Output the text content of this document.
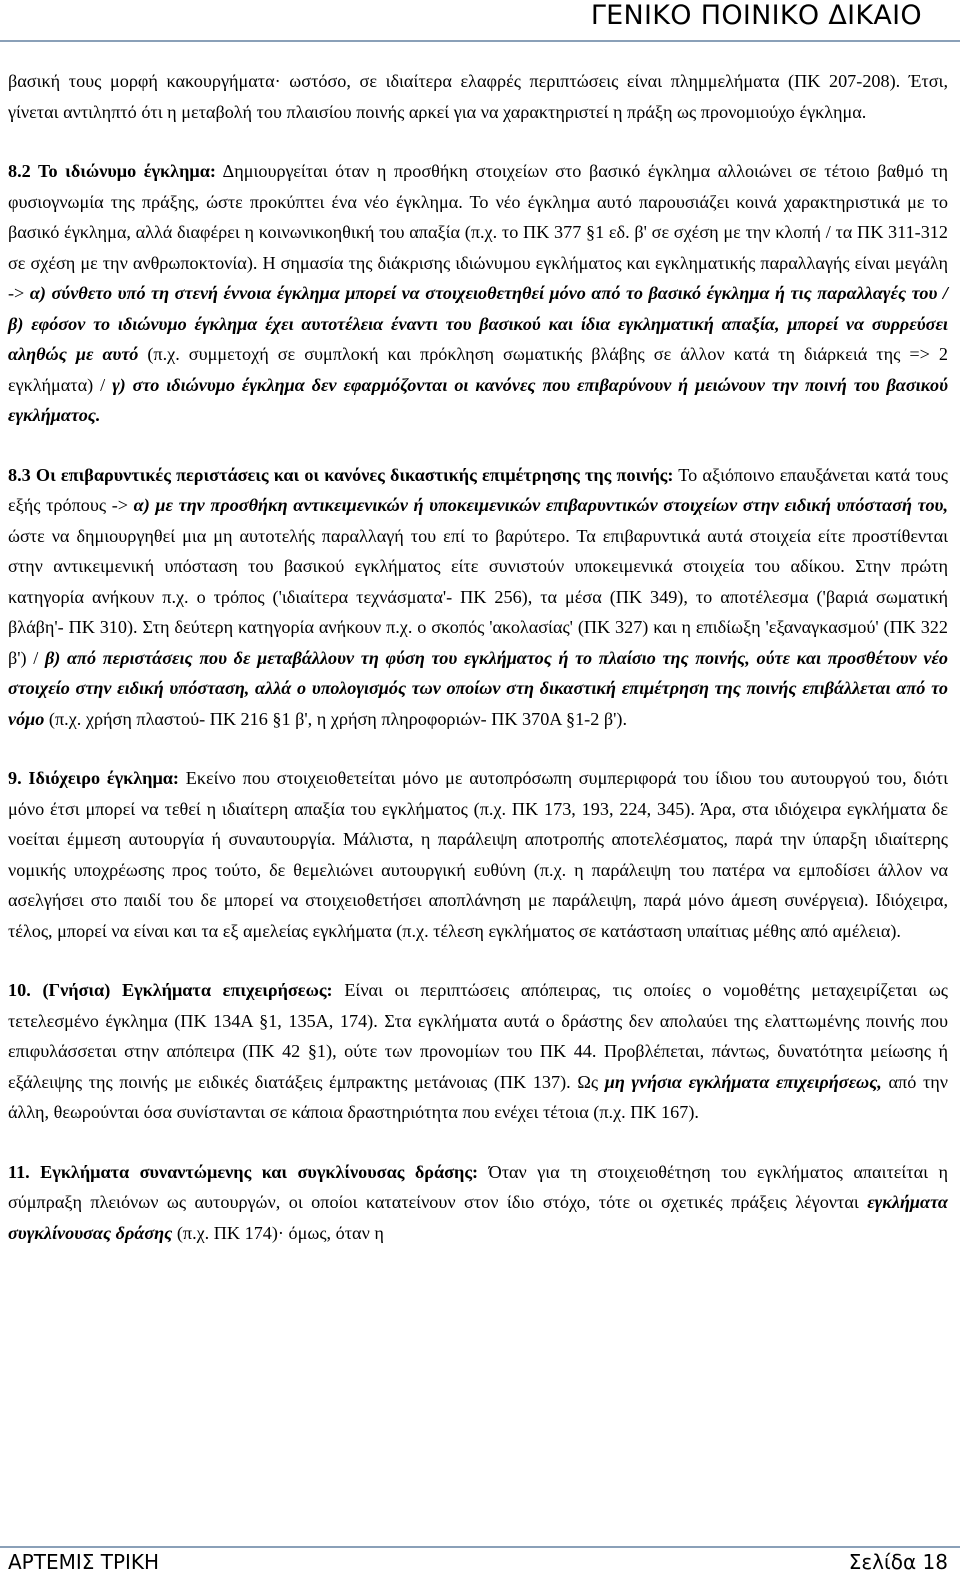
ΓΕΝΙΚΟ ΠΟΙΝΙΚΟ ΔΙΚΑΙΟ

βασική τους μορφή κακουργήματα· ωστόσο, σε ιδιαίτερα ελαφρές περιπτώσεις είναι πλημμελήματα (ΠΚ 207-208). Έτσι, γίνεται αντιληπτό ότι η μεταβολή του πλαισίου ποινής αρκεί για να χαρακτηριστεί η πράξη ως προνομιούχο έγκλημα.

8.2 Το ιδιώνυμο έγκλημα: Δημιουργείται όταν η προσθήκη στοιχείων στο βασικό έγκλημα αλλοιώνει σε τέτοιο βαθμό τη φυσιογνωμία της πράξης, ώστε προκύπτει ένα νέο έγκλημα. Το νέο έγκλημα αυτό παρουσιάζει κοινά χαρακτηριστικά με το βασικό έγκλημα, αλλά διαφέρει η κοινωνικοηθική του απαξία (π.χ. το ΠΚ 377 §1 εδ. β' σε σχέση με την κλοπή / τα ΠΚ 311-312 σε σχέση με την ανθρωποκτονία). Η σημασία της διάκρισης ιδιώνυμου εγκλήματος και εγκληματικής παραλλαγής είναι μεγάλη -> α) σύνθετο υπό τη στενή έννοια έγκλημα μπορεί να στοιχειοθετηθεί μόνο από το βασικό έγκλημα ή τις παραλλαγές του / β) εφόσον το ιδιώνυμο έγκλημα έχει αυτοτέλεια έναντι του βασικού και ίδια εγκληματική απαξία, μπορεί να συρρεύσει αληθώς με αυτό (π.χ. συμμετοχή σε συμπλοκή και πρόκληση σωματικής βλάβης σε άλλον κατά τη διάρκειά της => 2 εγκλήματα) / γ) στο ιδιώνυμο έγκλημα δεν εφαρμόζονται οι κανόνες που επιβαρύνουν ή μειώνουν την ποινή του βασικού εγκλήματος.

8.3 Οι επιβαρυντικές περιστάσεις και οι κανόνες δικαστικής επιμέτρησης της ποινής: Το αξιόποινο επαυξάνεται κατά τους εξής τρόπους -> α) με την προσθήκη αντικειμενικών ή υποκειμενικών επιβαρυντικών στοιχείων στην ειδική υπόστασή του, ώστε να δημιουργηθεί μια μη αυτοτελής παραλλαγή του επί το βαρύτερο. Τα επιβαρυντικά αυτά στοιχεία είτε προστίθενται στην αντικειμενική υπόσταση του βασικού εγκλήματος είτε συνιστούν υποκειμενικά στοιχεία του αδίκου. Στην πρώτη κατηγορία ανήκουν π.χ. ο τρόπος ('ιδιαίτερα τεχνάσματα'- ΠΚ 256), τα μέσα (ΠΚ 349), το αποτέλεσμα ('βαριά σωματική βλάβη'- ΠΚ 310). Στη δεύτερη κατηγορία ανήκουν π.χ. ο σκοπός 'ακολασίας' (ΠΚ 327) και η επιδίωξη 'εξαναγκασμού' (ΠΚ 322 β') / β) από περιστάσεις που δε μεταβάλλουν τη φύση του εγκλήματος ή το πλαίσιο της ποινής, ούτε και προσθέτουν νέο στοιχείο στην ειδική υπόσταση, αλλά ο υπολογισμός των οποίων στη δικαστική επιμέτρηση της ποινής επιβάλλεται από το νόμο (π.χ. χρήση πλαστού- ΠΚ 216 §1 β', η χρήση πληροφοριών- ΠΚ 370Α §1-2 β').

9. Ιδιόχειρο έγκλημα: Εκείνο που στοιχειοθετείται μόνο με αυτοπρόσωπη συμπεριφορά του ίδιου του αυτουργού του, διότι μόνο έτσι μπορεί να τεθεί η ιδιαίτερη απαξία του εγκλήματος (π.χ. ΠΚ 173, 193, 224, 345). Άρα, στα ιδιόχειρα εγκλήματα δε νοείται έμμεση αυτουργία ή συναυτουργία. Μάλιστα, η παράλειψη αποτροπής αποτελέσματος, παρά την ύπαρξη ιδιαίτερης νομικής υποχρέωσης προς τούτο, δε θεμελιώνει αυτουργική ευθύνη (π.χ. η παράλειψη του πατέρα να εμποδίσει άλλον να ασελγήσει στο παιδί του δε μπορεί να στοιχειοθετήσει αποπλάνηση με παράλειψη, παρά μόνο άμεση συνέργεια). Ιδιόχειρα, τέλος, μπορεί να είναι και τα εξ αμελείας εγκλήματα (π.χ. τέλεση εγκλήματος σε κατάσταση υπαίτιας μέθης από αμέλεια).

10. (Γνήσια) Εγκλήματα επιχειρήσεως: Είναι οι περιπτώσεις απόπειρας, τις οποίες ο νομοθέτης μεταχειρίζεται ως τετελεσμένο έγκλημα (ΠΚ 134Α §1, 135Α, 174). Στα εγκλήματα αυτά ο δράστης δεν απολαύει της ελαττωμένης ποινής που επιφυλάσσεται στην απόπειρα (ΠΚ 42 §1), ούτε των προνομίων του ΠΚ 44. Προβλέπεται, πάντως, δυνατότητα μείωσης ή εξάλειψης της ποινής με ειδικές διατάξεις έμπρακτης μετάνοιας (ΠΚ 137). Ως μη γνήσια εγκλήματα επιχειρήσεως, από την άλλη, θεωρούνται όσα συνίστανται σε κάποια δραστηριότητα που ενέχει τέτοια (π.χ. ΠΚ 167).

11. Εγκλήματα συναντώμενης και συγκλίνουσας δράσης: Όταν για τη στοιχειοθέτηση του εγκλήματος απαιτείται η σύμπραξη πλειόνων ως αυτουργών, οι οποίοι κατατείνουν στον ίδιο στόχο, τότε οι σχετικές πράξεις λέγονται εγκλήματα συγκλίνουσας δράσης (π.χ. ΠΚ 174)· όμως, όταν η

ΑΡΤΕΜΙΣ ΤΡΙΚΗ	Σελίδα 18
